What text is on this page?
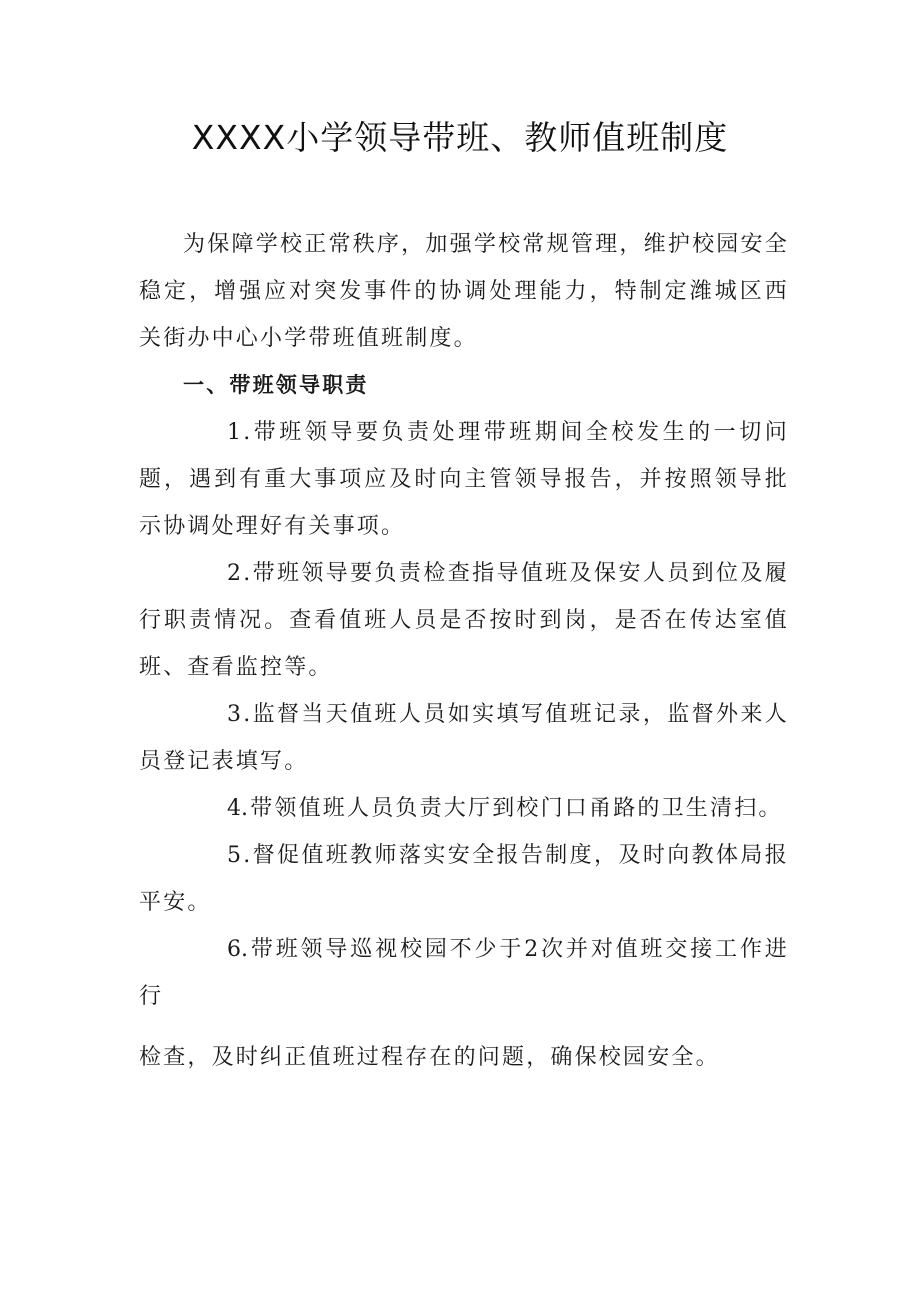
XXXX小学领导带班、教师值班制度

为保障学校正常秩序，加强学校常规管理，维护校园安全稳定，增强应对突发事件的协调处理能力，特制定潍城区西关街办中心小学带班值班制度。

一、带班领导职责

1.带班领导要负责处理带班期间全校发生的一切问题，遇到有重大事项应及时向主管领导报告，并按照领导批示协调处理好有关事项。

2.带班领导要负责检查指导值班及保安人员到位及履行职责情况。查看值班人员是否按时到岗，是否在传达室值班、查看监控等。

3.监督当天值班人员如实填写值班记录，监督外来人员登记表填写。

4.带领值班人员负责大厅到校门口甬路的卫生清扫。

5.督促值班教师落实安全报告制度，及时向教体局报平安。

6.带班领导巡视校园不少于2次并对值班交接工作进行

检查，及时纠正值班过程存在的问题，确保校园安全。
